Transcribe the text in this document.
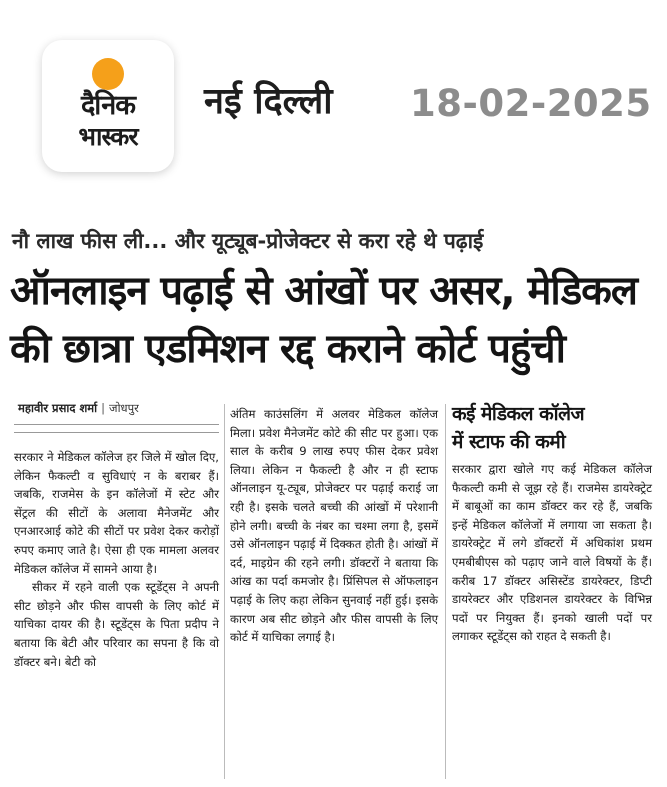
दैनिक
भास्कर
नई दिल्ली 18-02-2025
नौ लाख फीस ली... और यूट्यूब-प्रोजेक्टर से करा रहे थे पढ़ाई
ऑनलाइन पढ़ाई से आंखों पर असर, मेडिकल
की छात्रा एडमिशन रद्द कराने कोर्ट पहुंची
महावीर प्रसाद शर्मा | जोधपुर

सरकार ने मेडिकल कॉलेज हर जिले में खोल दिए, लेकिन फैकल्टी व सुविधाएं न के बराबर हैं। जबकि, राजमेस के इन कॉलेजों में स्टेट और सेंट्रल की सीटों के अलावा मैनेजमेंट और एनआरआई कोटे की सीटों पर प्रवेश देकर करोड़ों रुपए कमाए जाते है। ऐसा ही एक मामला अलवर मेडिकल कॉलेज में सामने आया है।

सीकर में रहने वाली एक स्टूडेंट्स ने अपनी सीट छोड़ने और फीस वापसी के लिए कोर्ट में याचिका दायर की है। स्टूडेंट्स के पिता प्रदीप ने बताया कि बेटी और परिवार का सपना है कि वो डॉक्टर बने। बेटी को

अंतिम काउंसलिंग में अलवर मेडिकल कॉलेज मिला। प्रवेश मैनेजमेंट कोटे की सीट पर हुआ। एक साल के करीब 9 लाख रुपए फीस देकर प्रवेश लिया। लेकिन न फैकल्टी है और न ही स्टाफ ऑनलाइन यू-ट्यूब, प्रोजेक्टर पर पढ़ाई कराई जा रही है। इसके चलते बच्ची की आंखों में परेशानी होने लगी। बच्ची के नंबर का चश्मा लगा है, इसमें उसे ऑनलाइन पढ़ाई में दिक्कत होती है। आंखों में दर्द, माइग्रेन की रहने लगी। डॉक्टरों ने बताया कि आंख का पर्दा कमजोर है। प्रिंसिपल से ऑफलाइन पढ़ाई के लिए कहा लेकिन सुनवाई नहीं हुई। इसके कारण अब सीट छोड़ने और फीस वापसी के लिए कोर्ट में याचिका लगाई है।

कई मेडिकल कॉलेज
में स्टाफ की कमी

सरकार द्वारा खोले गए कई मेडिकल कॉलेज फैकल्टी कमी से जूझ रहे हैं। राजमेस डायरेक्ट्रेट में बाबूओं का काम डॉक्टर कर रहे हैं, जबकि इन्हें मेडिकल कॉलेजों में लगाया जा सकता है। डायरेक्ट्रेट में लगे डॉक्टरों में अधिकांश प्रथम एमबीबीएस को पढ़ाए जाने वाले विषयों के हैं। करीब 17 डॉक्टर असिस्टेंड डायरेक्टर, डिप्टी डायरेक्टर और एडिशनल डायरेक्टर के विभिन्न पदों पर नियुक्त हैं। इनको खाली पदों पर लगाकर स्टूडेंट्स को राहत दे सकती है।
